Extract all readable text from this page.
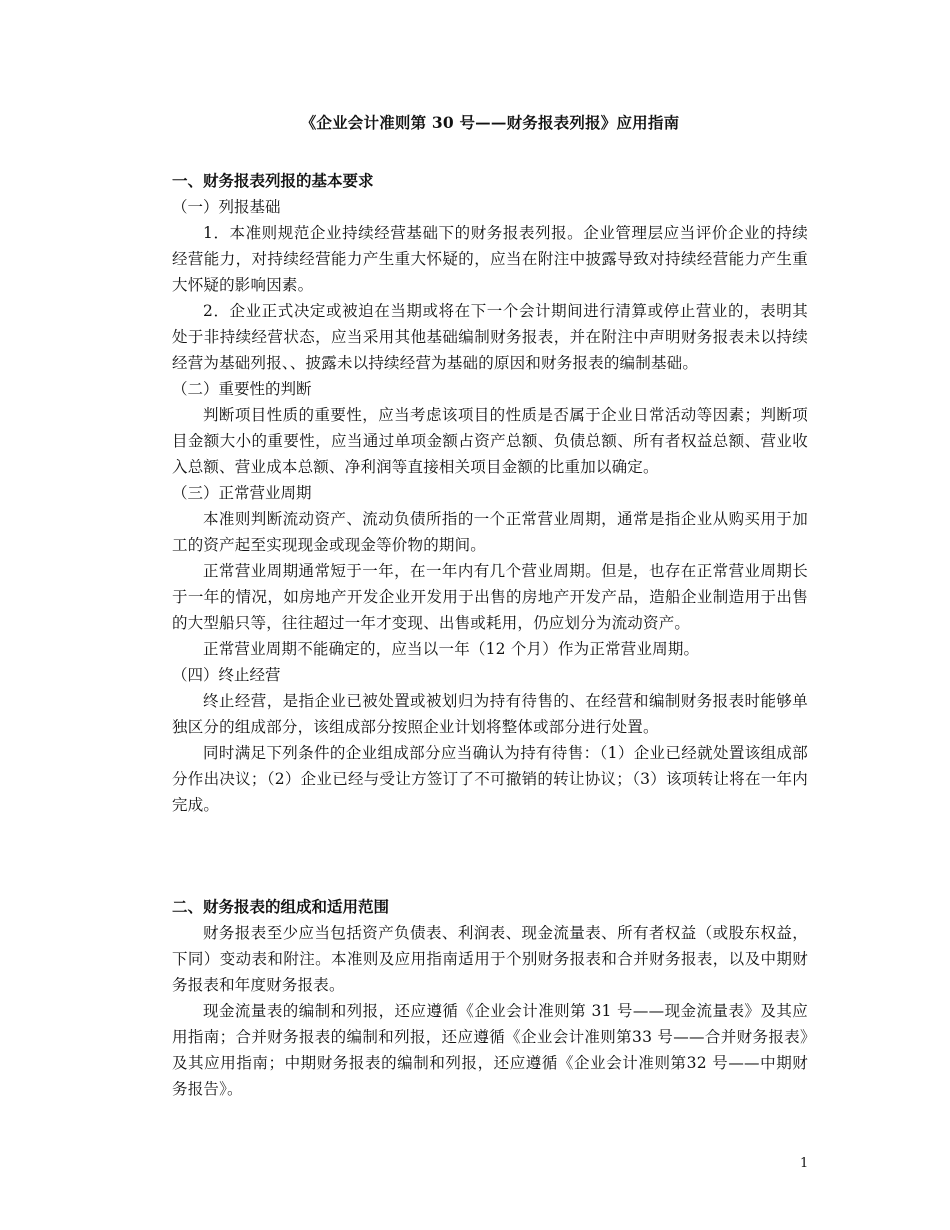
《企业会计准则第 30 号——财务报表列报》应用指南
一、财务报表列报的基本要求
（一）列报基础

1．本准则规范企业持续经营基础下的财务报表列报。企业管理层应当评价企业的持续经营能力，对持续经营能力产生重大怀疑的，应当在附注中披露导致对持续经营能力产生重大怀疑的影响因素。

2．企业正式决定或被迫在当期或将在下一个会计期间进行清算或停止营业的，表明其处于非持续经营状态，应当采用其他基础编制财务报表，并在附注中声明财务报表未以持续经营为基础列报、、披露未以持续经营为基础的原因和财务报表的编制基础。

（二）重要性的判断

判断项目性质的重要性，应当考虑该项目的性质是否属于企业日常活动等因素；判断项目金额大小的重要性，应当通过单项金额占资产总额、负债总额、所有者权益总额、营业收入总额、营业成本总额、净利润等直接相关项目金额的比重加以确定。

（三）正常营业周期

本准则判断流动资产、流动负债所指的一个正常营业周期，通常是指企业从购买用于加工的资产起至实现现金或现金等价物的期间。

正常营业周期通常短于一年，在一年内有几个营业周期。但是，也存在正常营业周期长于一年的情况，如房地产开发企业开发用于出售的房地产开发产品，造船企业制造用于出售的大型船只等，往往超过一年才变现、出售或耗用，仍应划分为流动资产。

正常营业周期不能确定的，应当以一年（12 个月）作为正常营业周期。

（四）终止经营

终止经营，是指企业已被处置或被划归为持有待售的、在经营和编制财务报表时能够单独区分的组成部分，该组成部分按照企业计划将整体或部分进行处置。

同时满足下列条件的企业组成部分应当确认为持有待售：（1）企业已经就处置该组成部分作出决议；（2）企业已经与受让方签订了不可撤销的转让协议；（3）该项转让将在一年内完成。

二、财务报表的组成和适用范围

财务报表至少应当包括资产负债表、利润表、现金流量表、所有者权益（或股东权益，下同）变动表和附注。本准则及应用指南适用于个别财务报表和合并财务报表，以及中期财务报表和年度财务报表。

现金流量表的编制和列报，还应遵循《企业会计准则第 31 号——现金流量表》及其应用指南；合并财务报表的编制和列报，还应遵循《企业会计准则第33 号——合并财务报表》及其应用指南；中期财务报表的编制和列报，还应遵循《企业会计准则第32 号——中期财务报告》。

1
